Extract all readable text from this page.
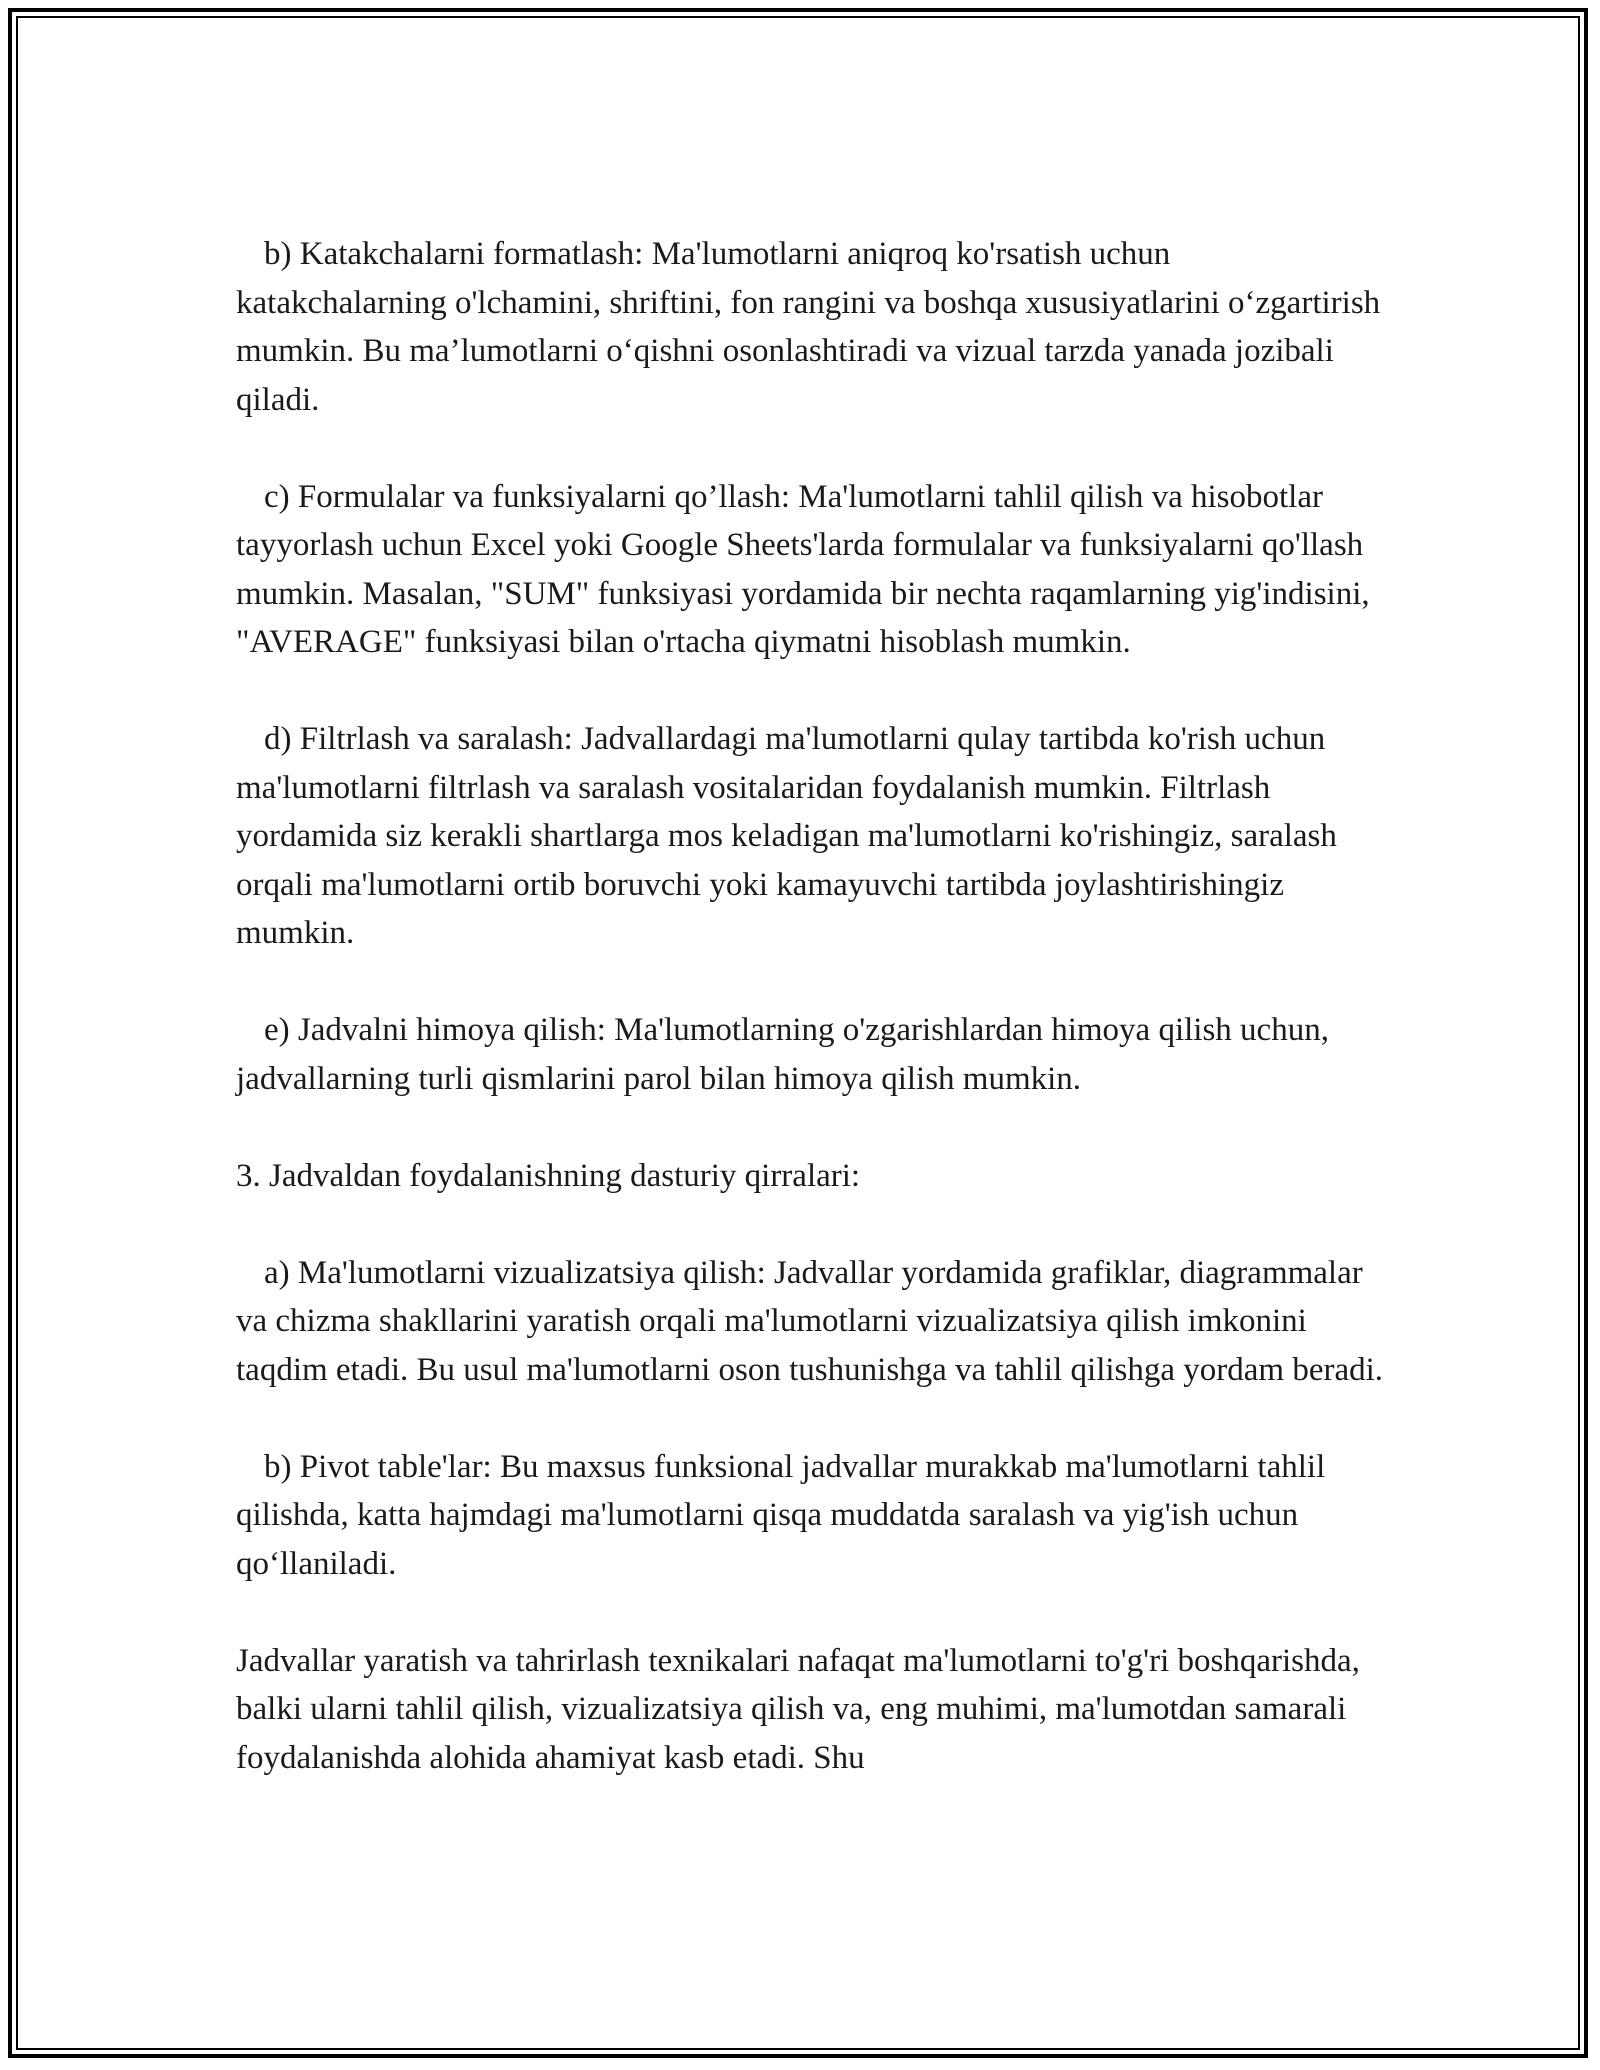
b) Katakchalarni formatlash: Ma'lumotlarni aniqroq ko'rsatish uchun katakchalarning o'lchamini, shriftini, fon rangini va boshqa xususiyatlarini o‘zgartirish mumkin. Bu ma’lumotlarni o‘qishni osonlashtiradi va vizual tarzda yanada jozibali qiladi.

c) Formulalar va funksiyalarni qo’llash: Ma'lumotlarni tahlil qilish va hisobotlar tayyorlash uchun Excel yoki Google Sheets'larda formulalar va funksiyalarni qo'llash mumkin. Masalan, "SUM" funksiyasi yordamida bir nechta raqamlarning yig'indisini, "AVERAGE" funksiyasi bilan o'rtacha qiymatni hisoblash mumkin.

d) Filtrlash va saralash: Jadvallardagi ma'lumotlarni qulay tartibda ko'rish uchun ma'lumotlarni filtrlash va saralash vositalaridan foydalanish mumkin. Filtrlash yordamida siz kerakli shartlarga mos keladigan ma'lumotlarni ko'rishingiz, saralash orqali ma'lumotlarni ortib boruvchi yoki kamayuvchi tartibda joylashtirishingiz mumkin.

e) Jadvalni himoya qilish: Ma'lumotlarning o'zgarishlardan himoya qilish uchun, jadvallarning turli qismlarini parol bilan himoya qilish mumkin.

3. Jadvaldan foydalanishning dasturiy qirralari:

a) Ma'lumotlarni vizualizatsiya qilish: Jadvallar yordamida grafiklar, diagrammalar va chizma shakllarini yaratish orqali ma'lumotlarni vizualizatsiya qilish imkonini taqdim etadi. Bu usul ma'lumotlarni oson tushunishga va tahlil qilishga yordam beradi.

b) Pivot table'lar: Bu maxsus funksional jadvallar murakkab ma'lumotlarni tahlil qilishda, katta hajmdagi ma'lumotlarni qisqa muddatda saralash va yig'ish uchun qo‘llaniladi.

Jadvallar yaratish va tahrirlash texnikalari nafaqat ma'lumotlarni to'g'ri boshqarishda, balki ularni tahlil qilish, vizualizatsiya qilish va, eng muhimi, ma'lumotdan samarali foydalanishda alohida ahamiyat kasb etadi. Shu
